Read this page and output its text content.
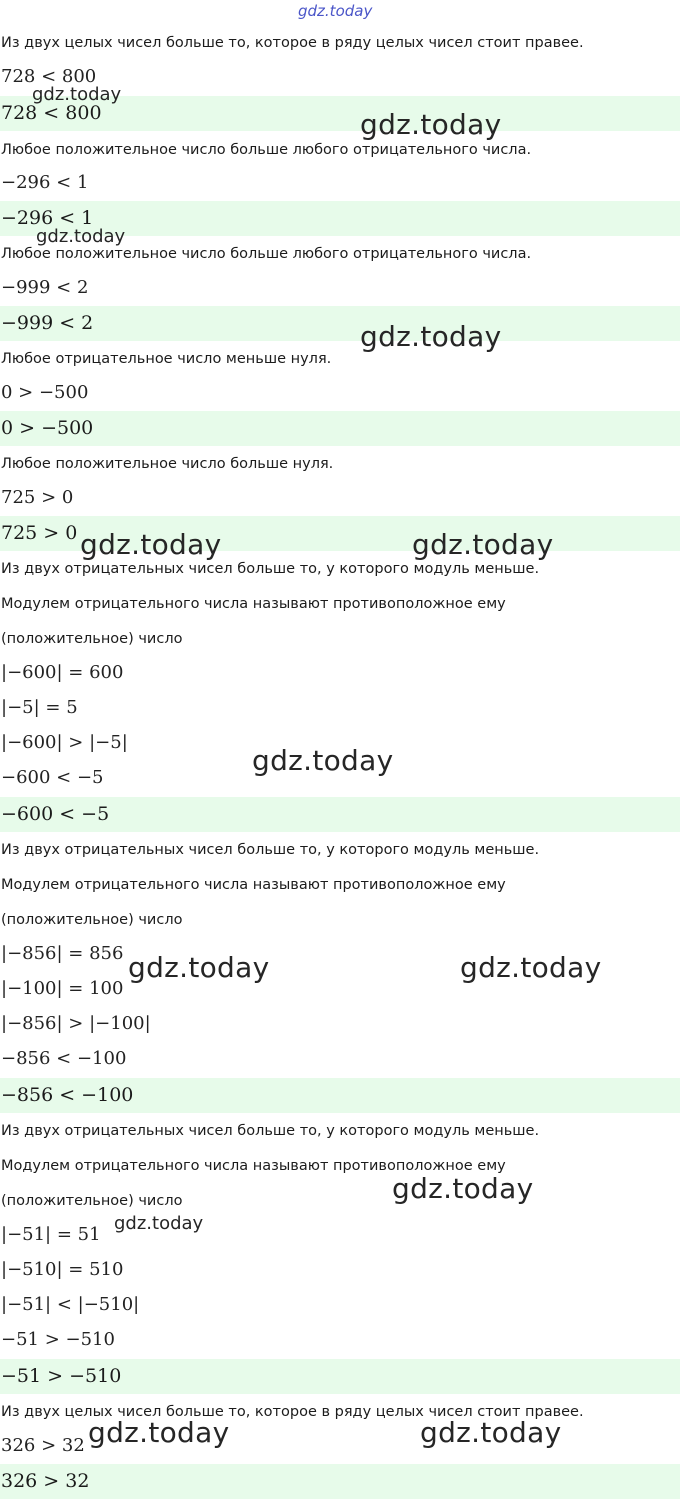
Из двух целых чисел больше то, которое в ряду целых чисел стоит правее.
728 < 800
728 < 800
Любое положительное число больше любого отрицательного числа.
−296 < 1
−296 < 1
Любое положительное число больше любого отрицательного числа.
−999 < 2
−999 < 2
Любое отрицательное число меньше нуля.
0 > −500
0 > −500
Любое положительное число больше нуля.
725 > 0
725 > 0
Из двух отрицательных чисел больше то, у которого модуль меньше.
Модулем отрицательного числа называют противоположное ему
(положительное) число
|−600| = 600
|−5| = 5
|−600| > |−5|
−600 < −5
−600 < −5
Из двух отрицательных чисел больше то, у которого модуль меньше.
Модулем отрицательного числа называют противоположное ему
(положительное) число
|−856| = 856
|−100| = 100
|−856| > |−100|
−856 < −100
−856 < −100
Из двух отрицательных чисел больше то, у которого модуль меньше.
Модулем отрицательного числа называют противоположное ему
(положительное) число
|−51| = 51
|−510| = 510
|−51| < |−510|
−51 > −510
−51 > −510
Из двух целых чисел больше то, которое в ряду целых чисел стоит правее.
326 > 32
326 > 32
gdz.today
gdz.today
gdz.today
gdz.today
gdz.today
gdz.today	gdz.today
gdz.today
gdz.today	gdz.today
gdz.today
gdz.today
gdz.today	gdz.today
